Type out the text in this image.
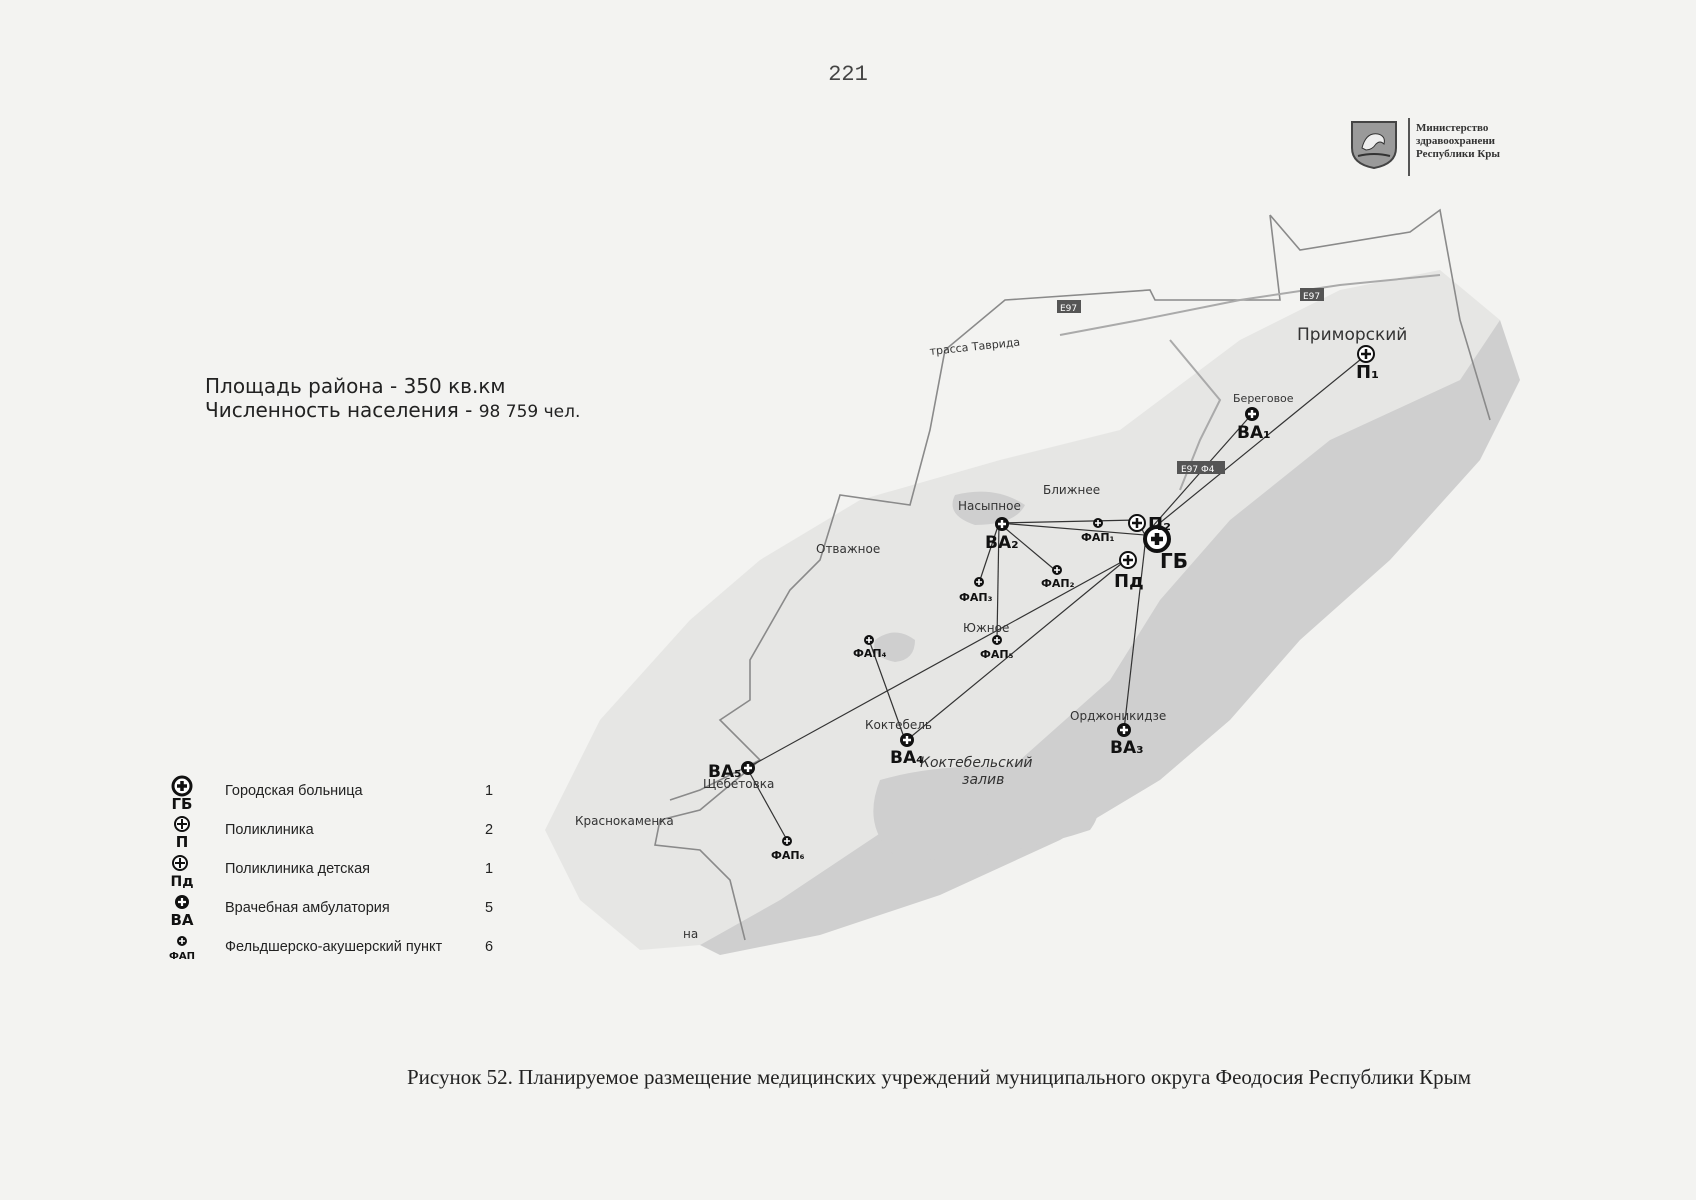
221
Министерство
здравоохранени
Республики Кры
Площадь района - 350 кв.км
Численность населения - 98 759 чел.
Приморский
Береговое
Ближнее
Насыпное
Отважное
Южное
Коктебель
Коктебельский
залив
Орджоникидзе
Щебетовка
Краснокаменка
на
трасса Таврида
E97
E97
Е97 Ф4
ГБ
П₁
П₂
Пд
ВА₁
ВА₂
ВА₃
ВА₄
ВА₅
ФАП₁
ФАП₂
ФАП₃
ФАП₄	ФАП₅
ФАП₆
ГБ
Городская больница	1
П
Поликлиника	2
Пд
Поликлиника детская	1
ВА
Врачебная амбулатория	5
ФАП
Фельдшерско-акушерский пункт	6
Рисунок 52. Планируемое размещение медицинских учреждений муниципального округа Феодосия Республики Крым
